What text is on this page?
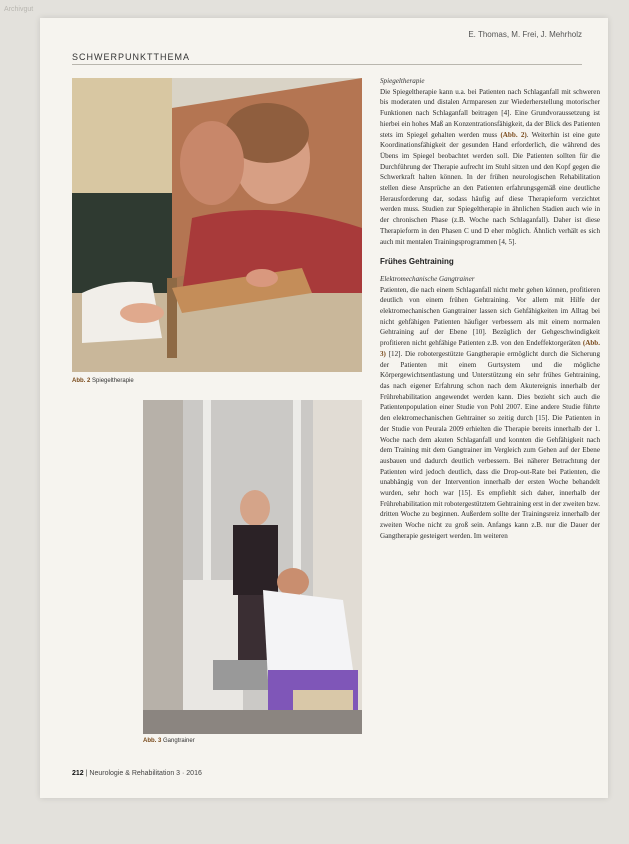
Archivgut
E. Thomas, M. Frei, J. Mehrholz
SCHWERPUNKTTHEMA
Abb. 2 Spiegeltherapie
Abb. 3 Gangtrainer

Spiegeltherapie

Die Spiegeltherapie kann u.a. bei Patienten nach Schlaganfall mit schweren bis moderaten und distalen Armparesen zur Wiederherstellung motorischer Funktionen nach Schlaganfall beitragen [4]. Eine Grundvoraussetzung ist hierbei ein hohes Maß an Konzentrationsfähigkeit, da der Blick des Patienten stets im Spiegel gehalten werden muss (Abb. 2). Weiterhin ist eine gute Koordinationsfähigkeit der gesunden Hand erforderlich, die während des Übens im Spiegel beobachtet werden soll. Die Patienten sollten für die Durchführung der Therapie aufrecht im Stuhl sitzen und den Kopf gegen die Schwerkraft halten können. In der frühen neurologischen Rehabilitation stellen diese Ansprüche an den Patienten erfahrungsgemäß eine deutliche Herausforderung dar, sodass häufig auf diese Therapieform verzichtet werden muss. Studien zur Spiegeltherapie in ähnlichen Stadien auch wie in der chronischen Phase (z.B. Woche nach Schlaganfall). Daher ist diese Therapieform in den Phasen C und D eher möglich. Ähnlich verhält es sich auch mit mentalen Trainingsprogrammen [4, 5].

Frühes Gehtraining

Elektromechanische Gangtrainer

Patienten, die nach einem Schlaganfall nicht mehr gehen können, profitieren deutlich von einem frühen Gehtraining. Vor allem mit Hilfe der elektromechanischen Gangtrainer lassen sich Gehfähigkeiten im Alltag bei nicht gehfähigen Patienten häufiger verbessern als mit einem normalen Gehtraining auf der Ebene [10]. Bezüglich der Gehgeschwindigkeit profitieren nicht gehfähige Patienten z.B. von den Endeffektorgeräten (Abb. 3) [12]. Die robotergestützte Gangtherapie ermöglicht durch die Sicherung der Patienten mit einem Gurtsystem und die mögliche Körpergewichtsentlastung und Unterstützung ein sehr frühes Gehtraining, das nach eigener Erfahrung schon nach dem Akutereignis innerhalb der Frührehabilitation angewendet werden kann. Dies bezieht sich auch die Patientenpopulation einer Studie von Pohl 2007. Eine andere Studie führte den elektromechanischen Gehtrainer so zeitig durch [15]. Die Patienten in der Studie von Peurala 2009 erhielten die Therapie bereits innerhalb der 1. Woche nach dem akuten Schlaganfall und konnten die Gehfähigkeit nach dem Training mit dem Gangtrainer im Vergleich zum Gehen auf der Ebene ausbauen und dadurch deutlich verbessern. Bei näherer Betrachtung der Patienten wird jedoch deutlich, dass die Drop-out-Rate bei Patienten, die unabhängig von der Intervention innerhalb der ersten Woche behandelt wurden, sehr hoch war [15]. Es empfiehlt sich daher, innerhalb der Frührehabilitation mit robotergestütztem Gehtraining erst in der zweiten bzw. dritten Woche zu beginnen. Außerdem sollte der Trainingsreiz innerhalb der zweiten Woche nicht zu groß sein. Anfangs kann z.B. nur die Dauer der Gangtherapie gesteigert werden. Im weiteren

212 | Neurologie & Rehabilitation 3 · 2016
